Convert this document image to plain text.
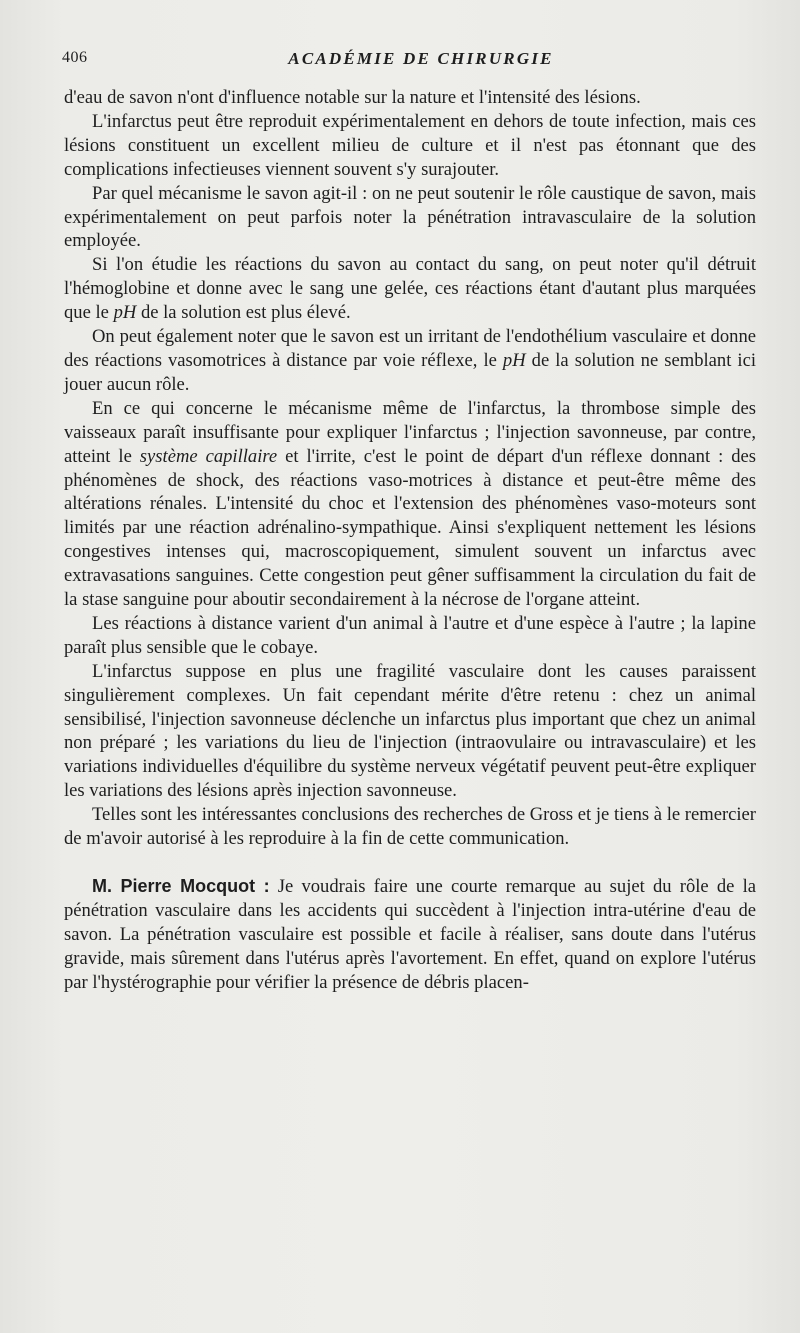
406	ACADÉMIE DE CHIRURGIE

d'eau de savon n'ont d'influence notable sur la nature et l'intensité des lésions.

L'infarctus peut être reproduit expérimentalement en dehors de toute infection, mais ces lésions constituent un excellent milieu de culture et il n'est pas étonnant que des complications infectieuses viennent souvent s'y surajouter.

Par quel mécanisme le savon agit-il : on ne peut soutenir le rôle caustique de savon, mais expérimentalement on peut parfois noter la pénétration intravasculaire de la solution employée.

Si l'on étudie les réactions du savon au contact du sang, on peut noter qu'il détruit l'hémoglobine et donne avec le sang une gelée, ces réactions étant d'autant plus marquées que le pH de la solution est plus élevé.

On peut également noter que le savon est un irritant de l'endothélium vasculaire et donne des réactions vasomotrices à distance par voie réflexe, le pH de la solution ne semblant ici jouer aucun rôle.

En ce qui concerne le mécanisme même de l'infarctus, la thrombose simple des vaisseaux paraît insuffisante pour expliquer l'infarctus ; l'injection savonneuse, par contre, atteint le système capillaire et l'irrite, c'est le point de départ d'un réflexe donnant : des phénomènes de shock, des réactions vaso-motrices à distance et peut-être même des altérations rénales. L'intensité du choc et l'extension des phénomènes vaso-moteurs sont limités par une réaction adrénalino-sympathique. Ainsi s'expliquent nettement les lésions congestives intenses qui, macroscopiquement, simulent souvent un infarctus avec extravasations sanguines. Cette congestion peut gêner suffisamment la circulation du fait de la stase sanguine pour aboutir secondairement à la nécrose de l'organe atteint.

Les réactions à distance varient d'un animal à l'autre et d'une espèce à l'autre ; la lapine paraît plus sensible que le cobaye.

L'infarctus suppose en plus une fragilité vasculaire dont les causes paraissent singulièrement complexes. Un fait cependant mérite d'être retenu : chez un animal sensibilisé, l'injection savonneuse déclenche un infarctus plus important que chez un animal non préparé ; les variations du lieu de l'injection (intraovulaire ou intravasculaire) et les variations individuelles d'équilibre du système nerveux végétatif peuvent peut-être expliquer les variations des lésions après injection savonneuse.

Telles sont les intéressantes conclusions des recherches de Gross et je tiens à le remercier de m'avoir autorisé à les reproduire à la fin de cette communication.

M. Pierre Mocquot : Je voudrais faire une courte remarque au sujet du rôle de la pénétration vasculaire dans les accidents qui succèdent à l'injection intra-utérine d'eau de savon. La pénétration vasculaire est possible et facile à réaliser, sans doute dans l'utérus gravide, mais sûrement dans l'utérus après l'avortement. En effet, quand on explore l'utérus par l'hystérographie pour vérifier la présence de débris placen-
